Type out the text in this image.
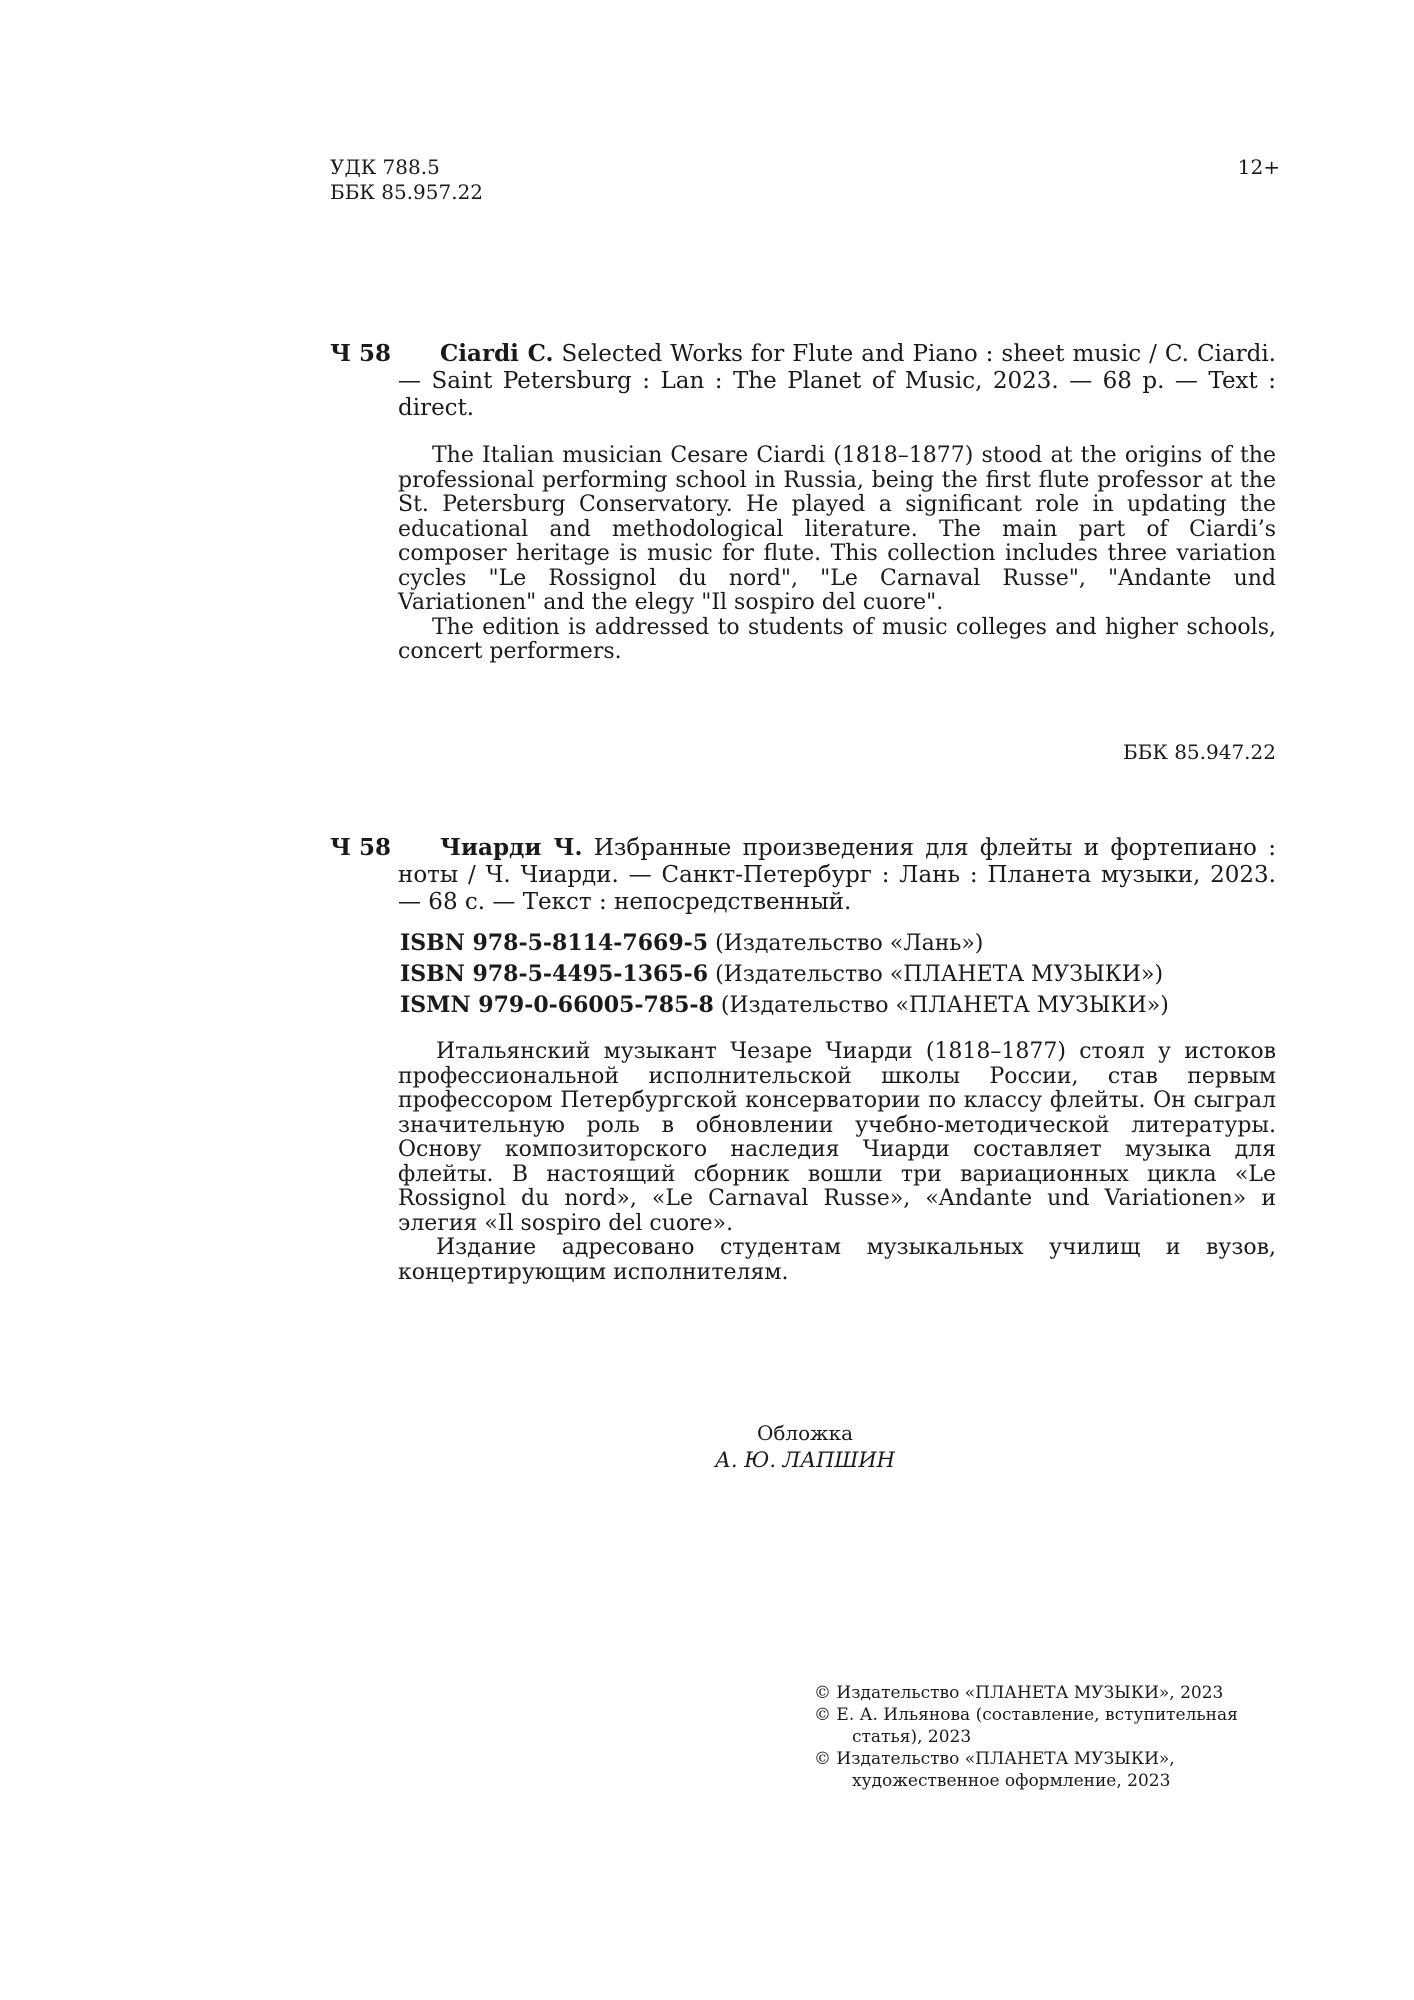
УДК 788.5
ББК 85.957.22
12+
Ч 58	Ciardi C. Selected Works for Flute and Piano : sheet music / C. Ciardi. — Saint Petersburg : Lan : The Planet of Music, 2023. — 68 p. — Text : direct.

The Italian musician Cesare Ciardi (1818–1877) stood at the origins of the professional performing school in Russia, being the first flute professor at the St. Petersburg Conservatory. He played a significant role in updating the educational and methodological literature. The main part of Ciardi’s composer heritage is music for flute. This collection includes three variation cycles "Le Rossignol du nord", "Le Carnaval Russe", "Andante und Variationen" and the elegy "Il sospiro del cuore".

The edition is addressed to students of music colleges and higher schools, concert performers.

ББК 85.947.22
Ч 58	Чиарди Ч. Избранные произведения для флейты и фортепиано : ноты / Ч. Чиарди. — Санкт-Петербург : Лань : Планета музыки, 2023. — 68 с. — Текст : непосредственный.
ISBN 978-5-8114-7669-5 (Издательство «Лань»)
ISBN 978-5-4495-1365-6 (Издательство «ПЛАНЕТА МУЗЫКИ»)
ISMN 979-0-66005-785-8 (Издательство «ПЛАНЕТА МУЗЫКИ»)

Итальянский музыкант Чезаре Чиарди (1818–1877) стоял у истоков профессиональной исполнительской школы России, став первым профессором Петербургской консерватории по классу флейты. Он сыграл значительную роль в обновлении учебно-методической литературы. Основу композиторского наследия Чиарди составляет музыка для флейты. В настоящий сборник вошли три вариационных цикла «Le Rossignol du nord», «Le Carnaval Russe», «Andante und Variationen» и элегия «Il sospiro del cuore».

Издание адресовано студентам музыкальных училищ и вузов, концертирующим исполнителям.

Обложка
А. Ю. ЛАПШИН
© Издательство «ПЛАНЕТА МУЗЫКИ», 2023
© Е. А. Ильянова (составление, вступительная статья), 2023
© Издательство «ПЛАНЕТА МУЗЫКИ», художественное оформление, 2023
